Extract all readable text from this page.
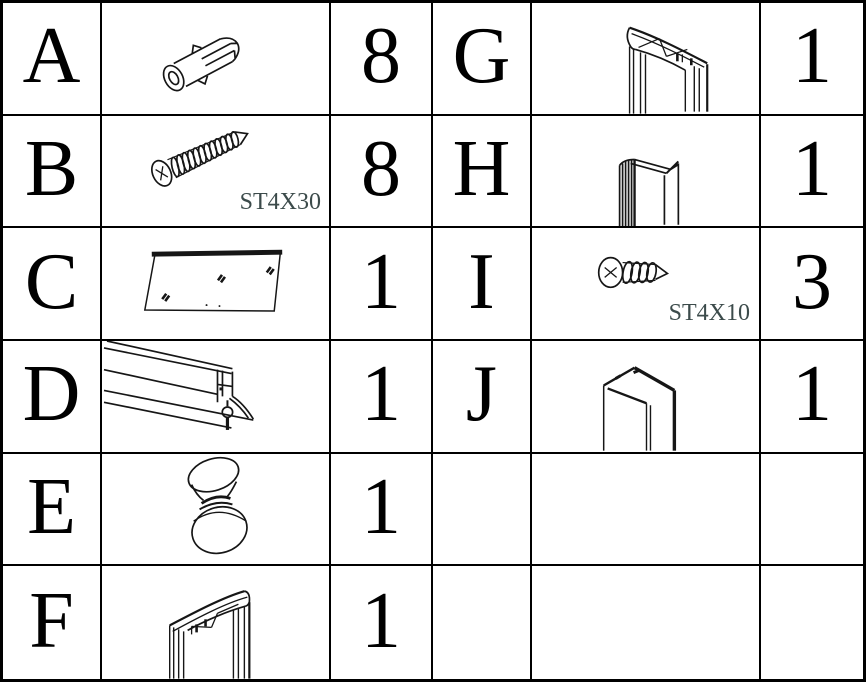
A	8 G	1
B	ST4X30 8 H	1
C	1 I	ST4X10 3
D	1 J	1
E	1
F	1
